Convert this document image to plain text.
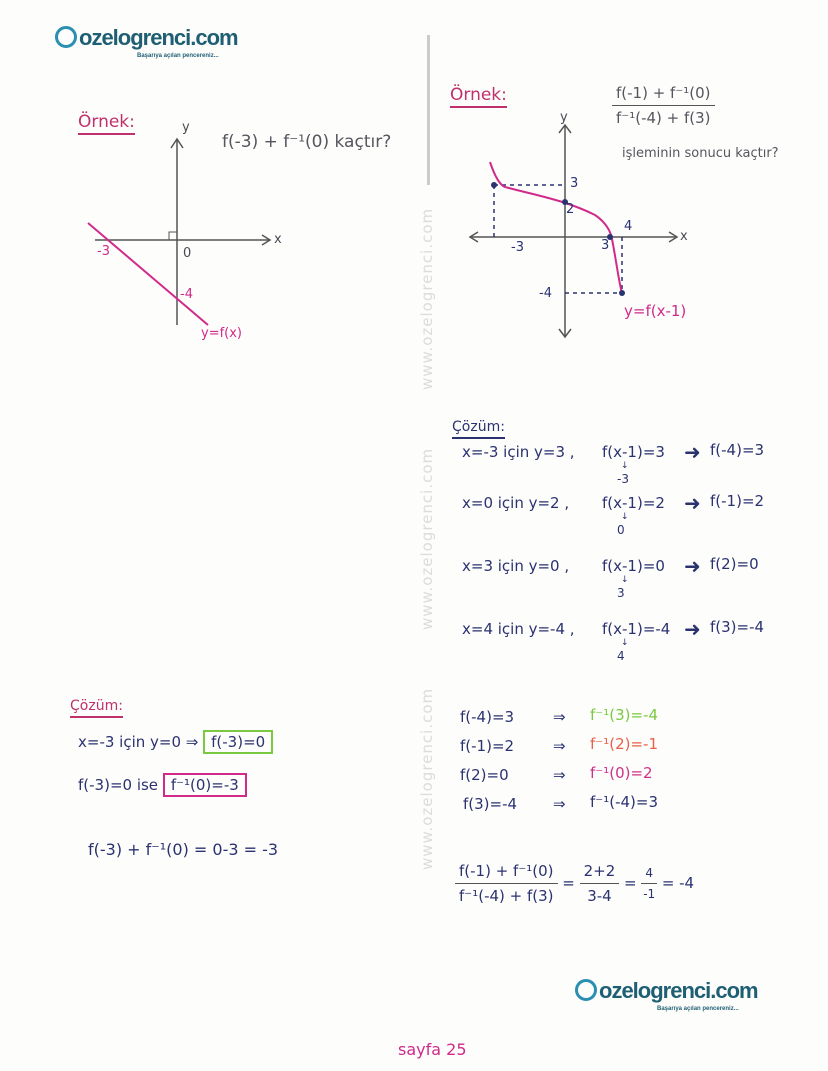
ozelogrenci.com
Başarıya açılan pencereniz...
www.ozelogrenci.com
www.ozelogrenci.com
www.ozelogrenci.com
Örnek:
f(-3) + f⁻¹(0) kaçtır?
y
x
0
-3
-4
y=f(x)
Çözüm:
x=-3 için y=0 ⇒ f(-3)=0
f(-3)=0 ise f⁻¹(0)=-3
f(-3) + f⁻¹(0) = 0-3 = -3
Örnek:	$\frac{\text{f(-1) + f⁻¹(0)}}{\text{f⁻¹(-4) + f(3)}}$
işleminin sonucu kaçtır?
y
x
3
2
-4
-3	3
4
y=f(x-1)
Çözüm:
x=-3 için y=3 , f(x-1)=3
↓
-3
➜ f(-4)=3
x=0 için y=2 , f(x-1)=2
↓
0
➜ f(-1)=2
x=3 için y=0 , f(x-1)=0
↓
3
➜ f(2)=0
x=4 için y=-4 , f(x-1)=-4
↓
4
➜ f(3)=-4
f(-4)=3
f(-1)=2
f(2)=0
f(3)=-4
⇒
⇒
⇒
⇒
f⁻¹(3)=-4
f⁻¹(2)=-1
f⁻¹(0)=2
f⁻¹(-4)=3
$\frac{\text{f(-1) + f⁻¹(0)}}{\text{f⁻¹(-4) + f(3)}} = \frac{2+2}{3-4} = \frac{4}{-1} = -4$
ozelogrenci.com
Başarıya açılan pencereniz...
sayfa 25
